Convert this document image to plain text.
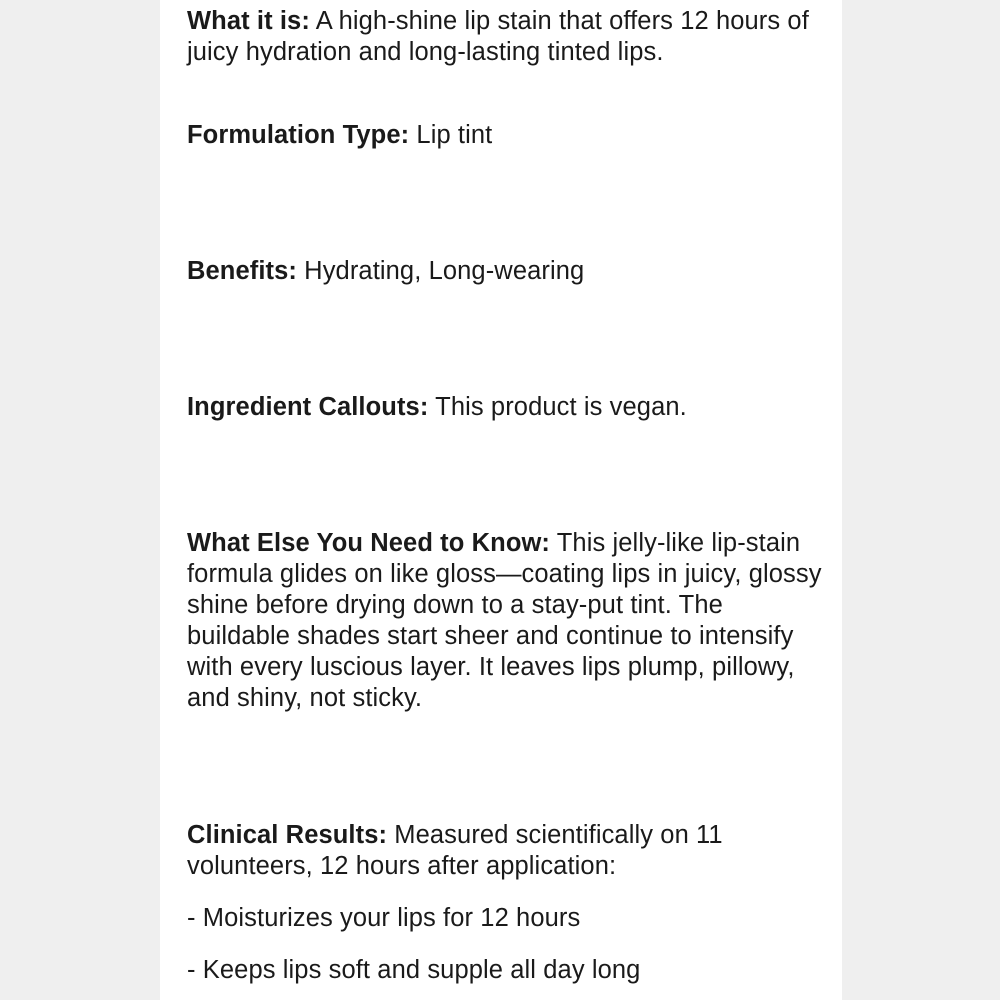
What it is: A high-shine lip stain that offers 12 hours of juicy hydration and long-lasting tinted lips.
Formulation Type: Lip tint
Benefits: Hydrating, Long-wearing
Ingredient Callouts: This product is vegan.
What Else You Need to Know: This jelly-like lip-stain formula glides on like gloss—coating lips in juicy, glossy shine before drying down to a stay-put tint. The buildable shades start sheer and continue to intensify with every luscious layer. It leaves lips plump, pillowy, and shiny, not sticky.
Clinical Results: Measured scientifically on 11 volunteers, 12 hours after application:
- Moisturizes your lips for 12 hours
- Keeps lips soft and supple all day long
